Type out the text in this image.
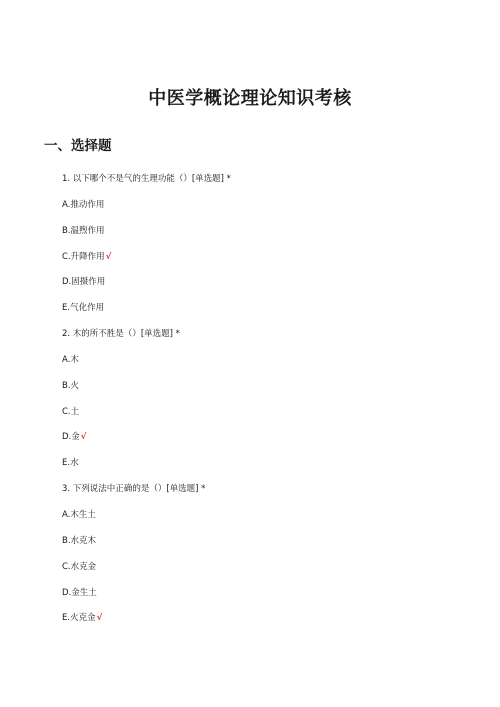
中医学概论理论知识考核
一、选择题
1. 以下哪个不是气的生理功能（）[单选题] *
A.推动作用
B.温煦作用
C.升降作用√
D.固摄作用
E.气化作用
2. 木的所不胜是（）[单选题] *
A.木
B.火
C.土
D.金√
E.水
3. 下列说法中正确的是（）[单选题] *
A.木生土
B.水克木
C.水克金
D.金生土
E.火克金√
